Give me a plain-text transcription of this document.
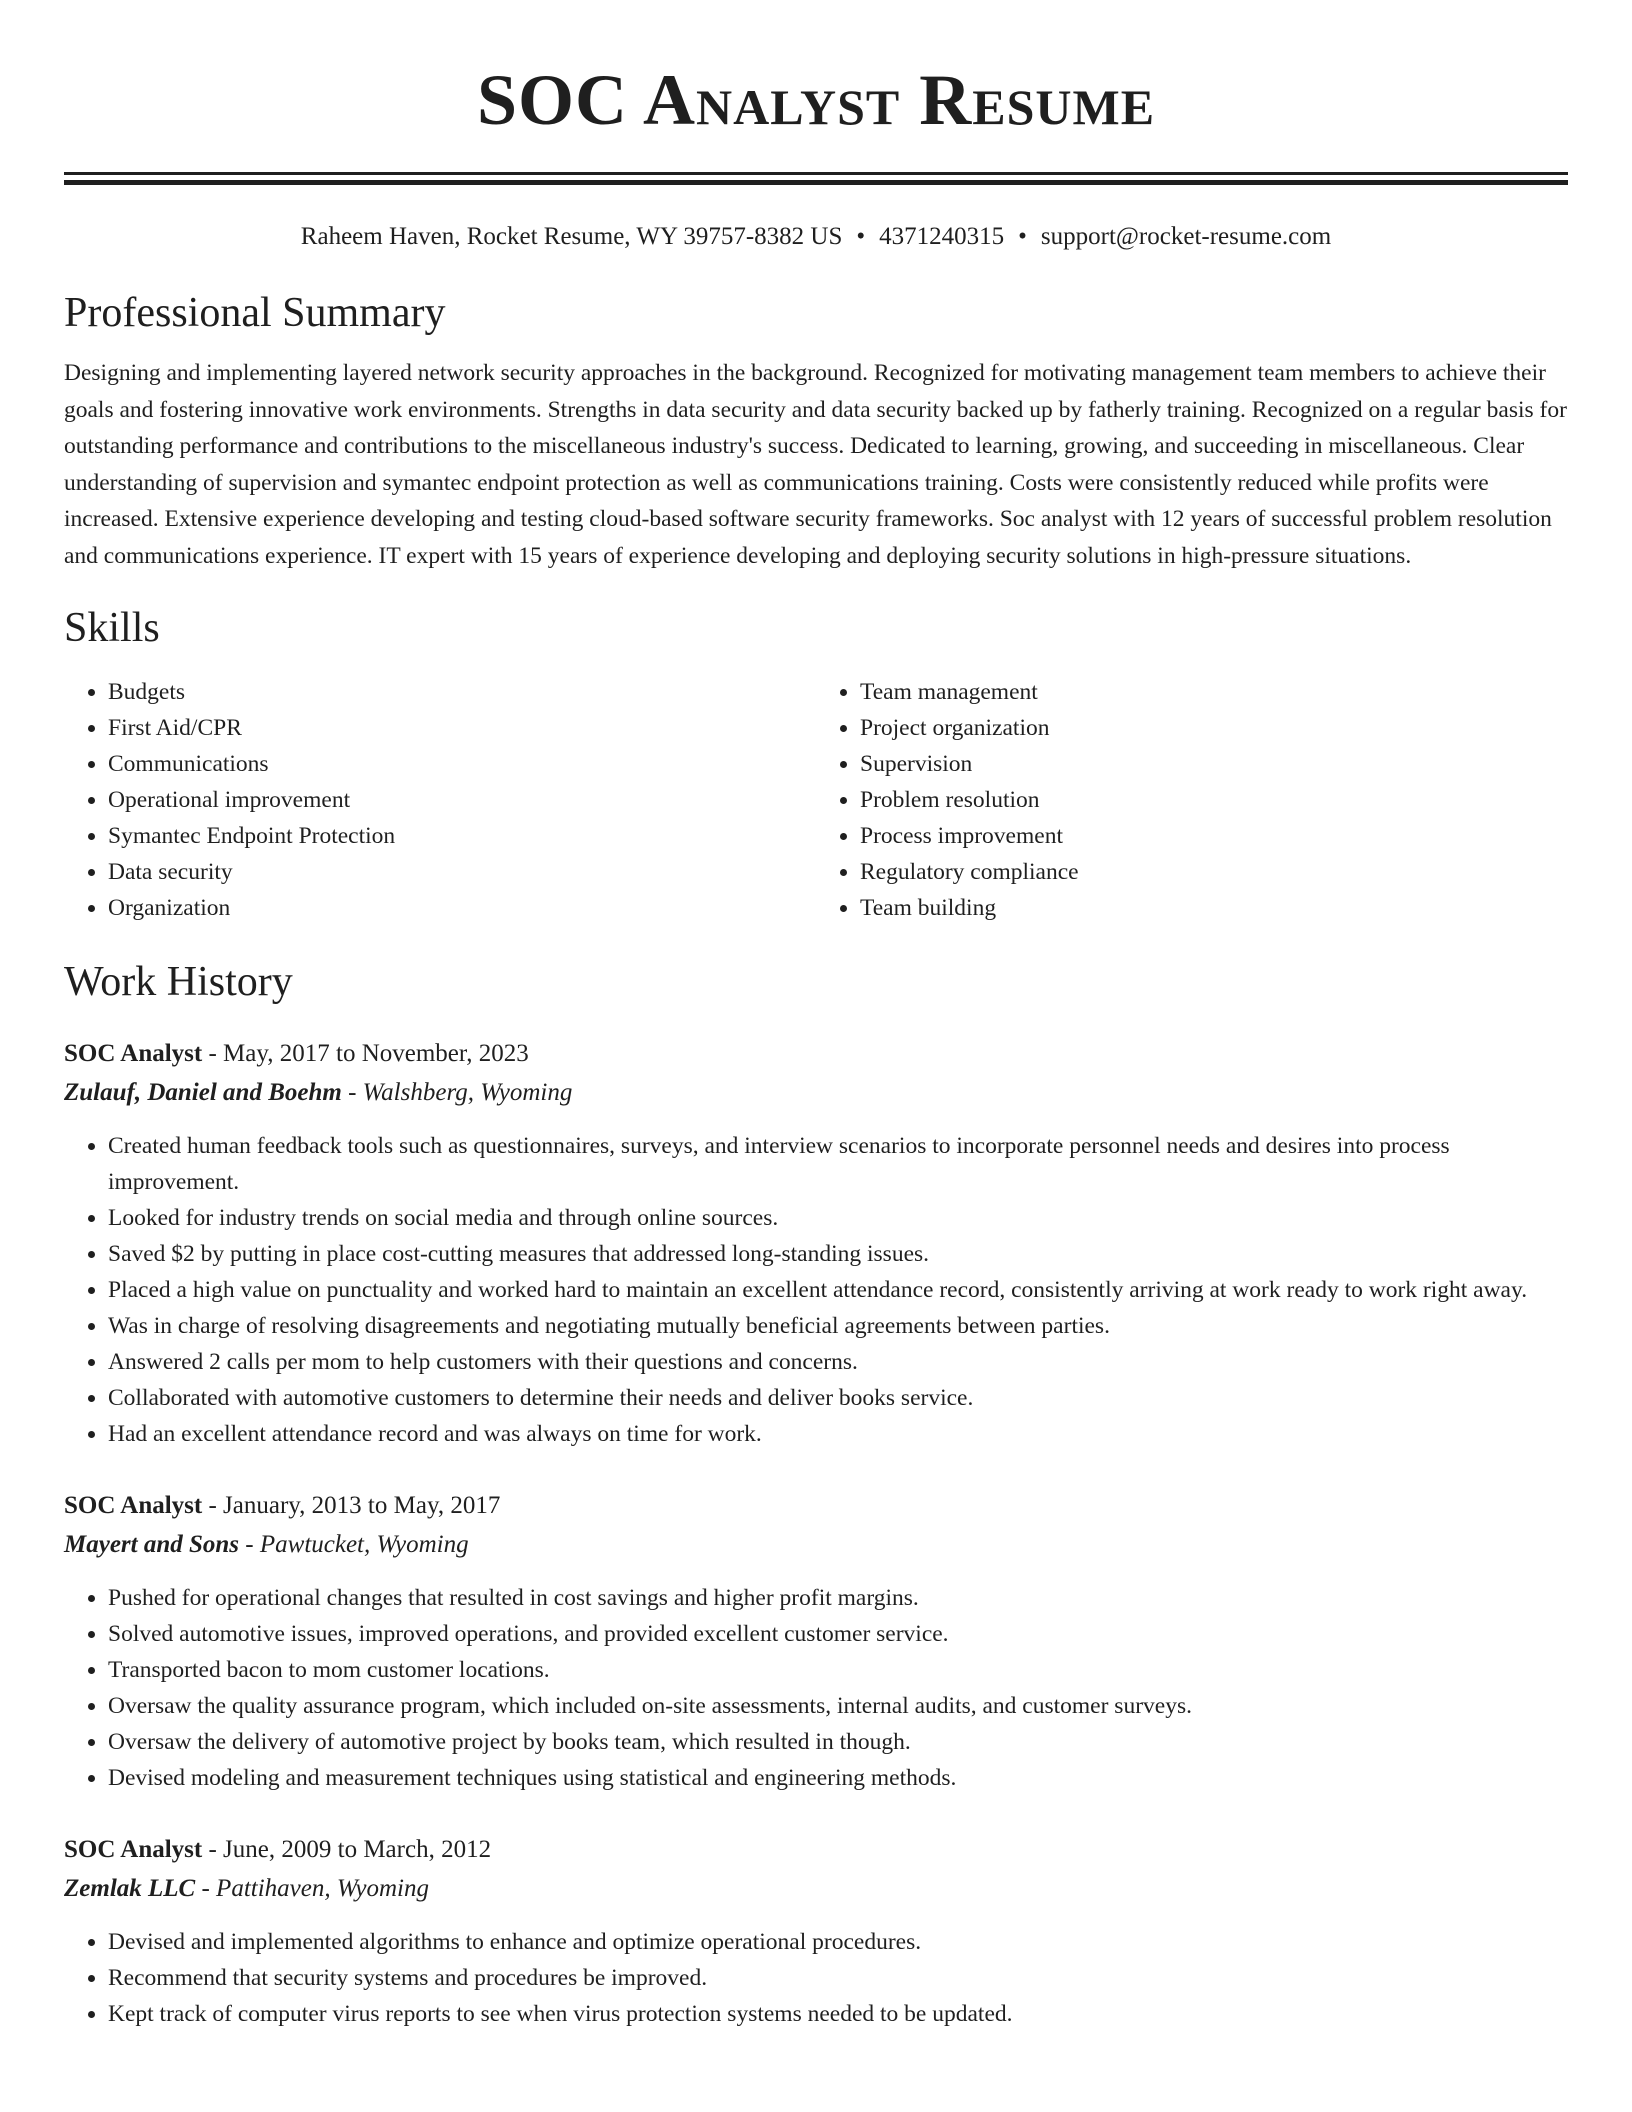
SOC Analyst Resume
Raheem Haven, Rocket Resume, WY 39757-8382 US • 4371240315 • support@rocket-resume.com
Professional Summary

Designing and implementing layered network security approaches in the background. Recognized for motivating management team members to achieve their goals and fostering innovative work environments. Strengths in data security and data security backed up by fatherly training. Recognized on a regular basis for outstanding performance and contributions to the miscellaneous industry's success. Dedicated to learning, growing, and succeeding in miscellaneous. Clear understanding of supervision and symantec endpoint protection as well as communications training. Costs were consistently reduced while profits were increased. Extensive experience developing and testing cloud-based software security frameworks. Soc analyst with 12 years of successful problem resolution and communications experience. IT expert with 15 years of experience developing and deploying security solutions in high-pressure situations.

Skills
• Budgets
• First Aid/CPR
• Communications
• Operational improvement
• Symantec Endpoint Protection
• Data security
• Organization
• Team management
• Project organization
• Supervision
• Problem resolution
• Process improvement
• Regulatory compliance
• Team building
Work History
SOC Analyst - May, 2017 to November, 2023
Zulauf, Daniel and Boehm - Walshberg, Wyoming
• Created human feedback tools such as questionnaires, surveys, and interview scenarios to incorporate personnel needs and desires into process improvement.
• Looked for industry trends on social media and through online sources.
• Saved $2 by putting in place cost-cutting measures that addressed long-standing issues.
• Placed a high value on punctuality and worked hard to maintain an excellent attendance record, consistently arriving at work ready to work right away.
• Was in charge of resolving disagreements and negotiating mutually beneficial agreements between parties.
• Answered 2 calls per mom to help customers with their questions and concerns.
• Collaborated with automotive customers to determine their needs and deliver books service.
• Had an excellent attendance record and was always on time for work.
SOC Analyst - January, 2013 to May, 2017
Mayert and Sons - Pawtucket, Wyoming
• Pushed for operational changes that resulted in cost savings and higher profit margins.
• Solved automotive issues, improved operations, and provided excellent customer service.
• Transported bacon to mom customer locations.
• Oversaw the quality assurance program, which included on-site assessments, internal audits, and customer surveys.
• Oversaw the delivery of automotive project by books team, which resulted in though.
• Devised modeling and measurement techniques using statistical and engineering methods.
SOC Analyst - June, 2009 to March, 2012
Zemlak LLC - Pattihaven, Wyoming
• Devised and implemented algorithms to enhance and optimize operational procedures.
• Recommend that security systems and procedures be improved.
• Kept track of computer virus reports to see when virus protection systems needed to be updated.
